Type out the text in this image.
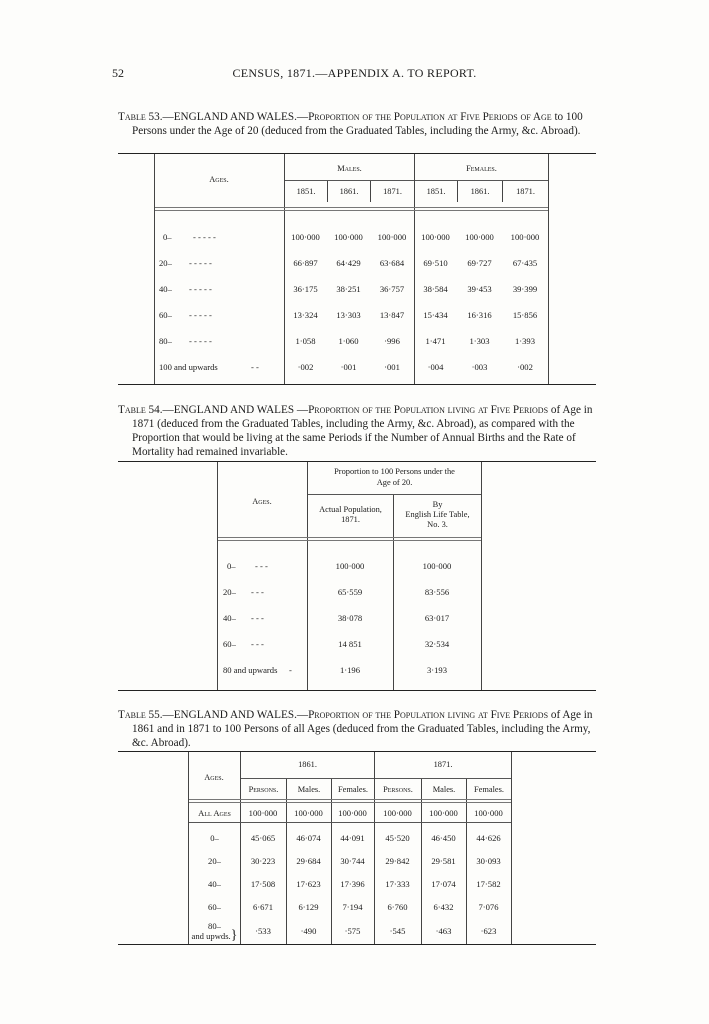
52	CENSUS, 1871.—APPENDIX A. TO REPORT.
Table 53.—ENGLAND AND WALES.—Proportion of the Population at Five Periods of Age to 100 Persons under the Age of 20 (deduced from the Graduated Tables, including the Army, &c. Abroad).
Ages.
Males.	Females.
1851.	1861.	1871.	1851.	1861.	1871.
0– - - - - -	100·000	100·000	100·000	100·000	100·000	100·000
20– - - - - -	66·897	64·429	63·684	69·510	69·727	67·435
40– - - - - -	36·175	38·251	36·757	38·584	39·453	39·399
60– - - - - -	13·324	13·303	13·847	15·434	16·316	15·856
80– - - - - -	1·058	1·060	·996	1·471	1·303	1·393
100 and upwards - -	·002	·001	·001	·004	·003	·002
Table 54.—ENGLAND AND WALES —Proportion of the Population living at Five Periods of Age in 1871 (deduced from the Graduated Tables, including the Army, &c. Abroad), as compared with the Proportion that would be living at the same Periods if the Number of Annual Births and the Rate of Mortality had remained invariable.
Ages.
Proportion to 100 Persons under the
Age of 20.
Actual Population,
1871.
By
English Life Table,
No. 3.
0– - - -	100·000	100·000
20– - - -	65·559	83·556
40– - - -	38·078	63·017
60– - - -	14 851	32·534
80 and upwards -	1·196	3·193
Table 55.—ENGLAND AND WALES.—Proportion of the Population living at Five Periods of Age in 1861 and in 1871 to 100 Persons of all Ages (deduced from the Graduated Tables, including the Army, &c. Abroad).
Ages.
1861.	1871.
Persons.	Males.	Females.	Persons.	Males.	Females.
All Ages	100·000	100·000	100·000	100·000	100·000	100·000
0–	45·065	46·074	44·091	45·520	46·450	44·626
20–	30·223	29·684	30·744	29·842	29·581	30·093
40–	17·508	17·623	17·396	17·333	17·074	17·582
60–	6·671	6·129	7·194	6·760	6·432	7·076

80–
and upwds.}	·533	·490	·575	·545	·463	·623
